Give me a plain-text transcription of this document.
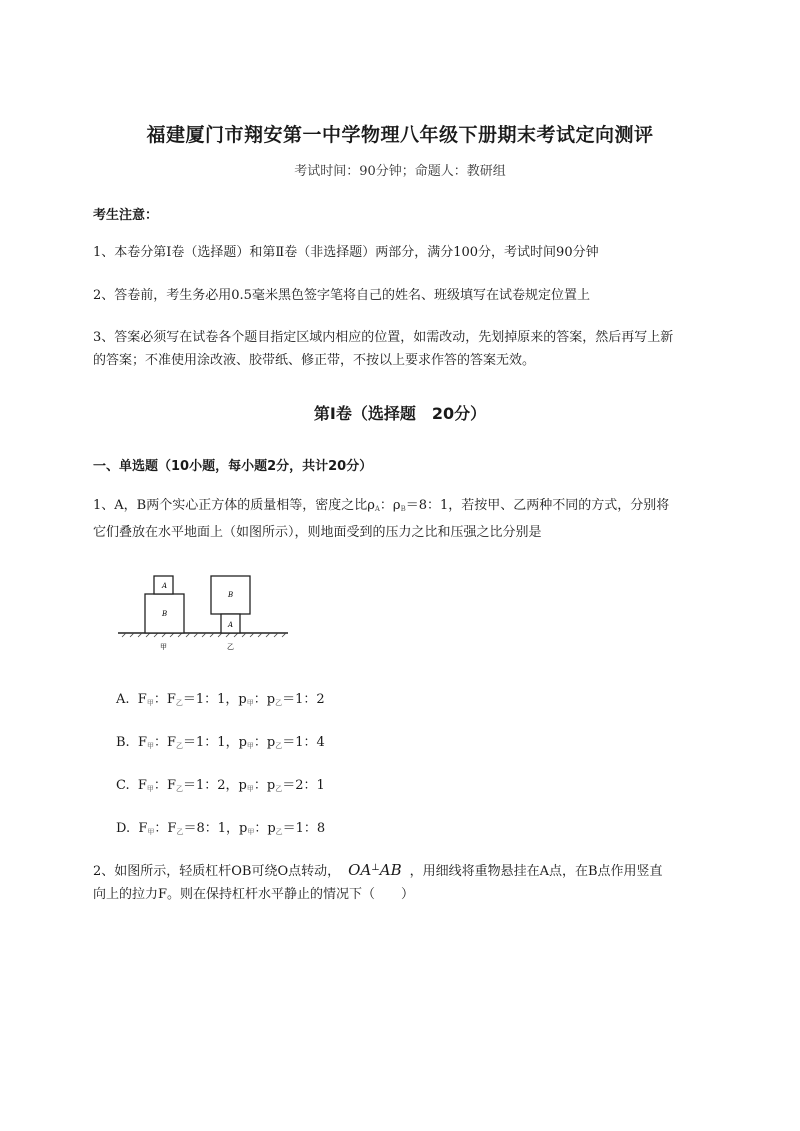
福建厦门市翔安第一中学物理八年级下册期末考试定向测评
考试时间：90分钟；命题人：教研组
考生注意：
1、本卷分第I卷（选择题）和第Ⅱ卷（非选择题）两部分，满分100分，考试时间90分钟
2、答卷前，考生务必用0.5毫米黑色签字笔将自己的姓名、班级填写在试卷规定位置上
3、答案必须写在试卷各个题目指定区域内相应的位置，如需改动，先划掉原来的答案，然后再写上新
的答案；不准使用涂改液、胶带纸、修正带，不按以上要求作答的答案无效。
第I卷（选择题　20分）
一、单选题（10小题，每小题2分，共计20分）
1、A，B两个实心正方体的质量相等，密度之比$\rho_A$：$\rho_B=8$：1，若按甲、乙两种不同的方式，分别将
它们叠放在水平地面上（如图所示），则地面受到的压力之比和压强之比分别是
A
B
B
A
甲	乙
A. $F_甲$：$F_乙=1$：1，$p_甲$：$p_乙=1$：2
B. $F_甲$：$F_乙=1$：1，$p_甲$：$p_乙=1$：4
C. $F_甲$：$F_乙=1$：2，$p_甲$：$p_乙=2$：1
D. $F_甲$：$F_乙=8$：1，$p_甲$：$p_乙=1$：8
2、如图所示，轻质杠杆OB可绕O点转动， OA⊥AB ，用细线将重物悬挂在A点，在B点作用竖直
向上的拉力F。则在保持杠杆水平静止的情况下（　　）
